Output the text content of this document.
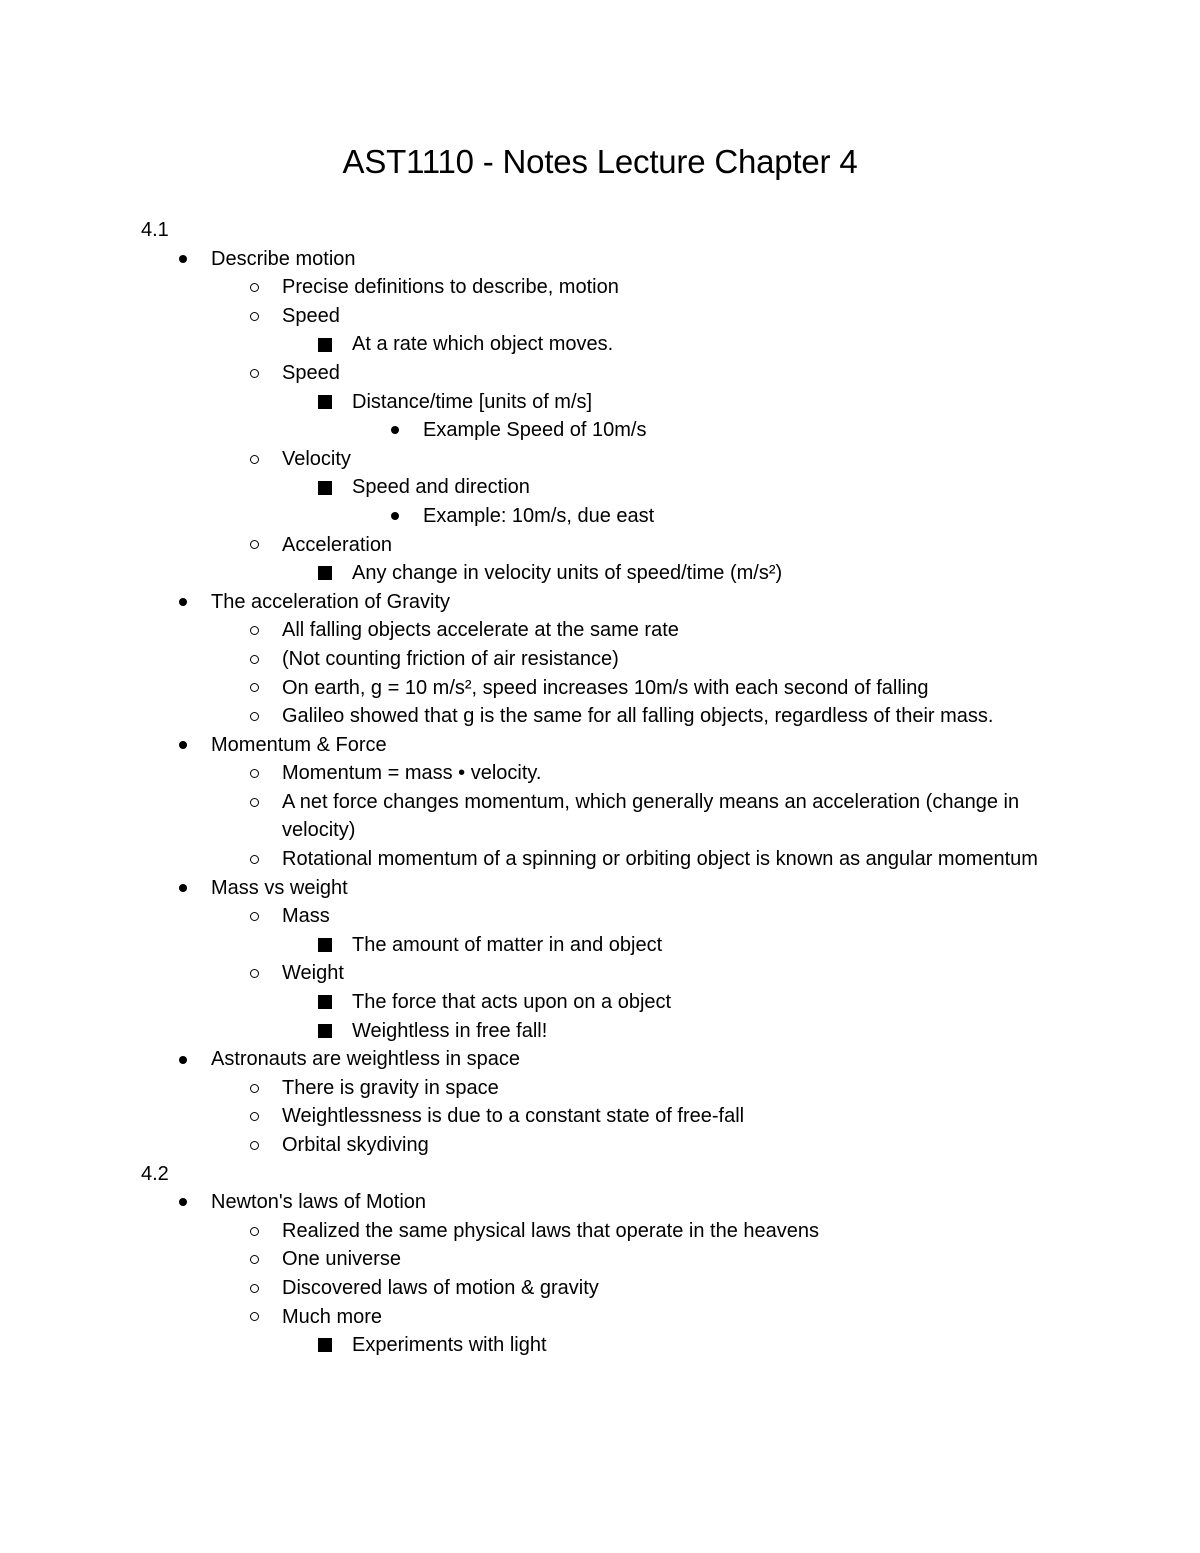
AST1110 - Notes Lecture Chapter 4
4.1
Describe motion
Precise definitions to describe, motion
Speed
At a rate which object moves.
Speed
Distance/time [units of m/s]
Example Speed of 10m/s
Velocity
Speed and direction
Example: 10m/s, due east
Acceleration
Any change in velocity units of speed/time (m/s²)
The acceleration of Gravity
All falling objects accelerate at the same rate
(Not counting friction of air resistance)
On earth, g = 10 m/s², speed increases 10m/s with each second of falling
Galileo showed that g is the same for all falling objects, regardless of their mass.
Momentum & Force
Momentum = mass • velocity.
A net force changes momentum, which generally means an acceleration (change in velocity)
Rotational momentum of a spinning or orbiting object is known as angular momentum
Mass vs weight
Mass
The amount of matter in and object
Weight
The force that acts upon on a object
Weightless in free fall!
Astronauts are weightless in space
There is gravity in space
Weightlessness is due to a constant state of free-fall
Orbital skydiving
4.2
Newton's laws of Motion
Realized the same physical laws that operate in the heavens
One universe
Discovered laws of motion & gravity
Much more
Experiments with light
